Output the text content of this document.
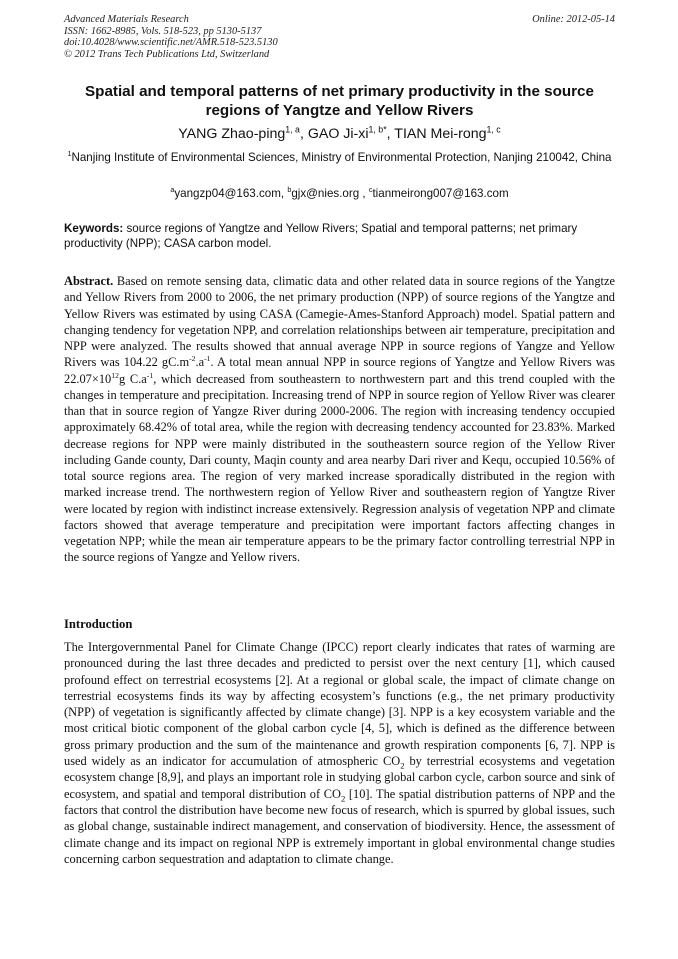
Advanced Materials Research
ISSN: 1662-8985, Vols. 518-523, pp 5130-5137
doi:10.4028/www.scientific.net/AMR.518-523.5130
© 2012 Trans Tech Publications Ltd, Switzerland
Online: 2012-05-14
Spatial and temporal patterns of net primary productivity in the source regions of Yangtze and Yellow Rivers
YANG Zhao-ping$^{1, a}$, GAO $Ji-xi^{1, b*}$, TIAN Mei-rong$^{1, c}$
$^1$Nanjing Institute of Environmental Sciences, Ministry of Environmental Protection, Nanjing 210042, China
$^a$yangzp04@163.com, $^b$gjx@nies.org , $^c$tianmeirong007@163.com
Keywords: source regions of Yangtze and Yellow Rivers; Spatial and temporal patterns; net primary productivity (NPP); CASA carbon model.
Abstract. Based on remote sensing data, climatic data and other related data in source regions of the Yangtze and Yellow Rivers from 2000 to 2006, the net primary production (NPP) of source regions of the Yangtze and Yellow Rivers was estimated by using CASA (Camegie-Ames-Stanford Approach) model. Spatial pattern and changing tendency for vegetation NPP, and correlation relationships between air temperature, precipitation and NPP were analyzed. The results showed that annual average NPP in source regions of Yangze and Yellow Rivers was 104.22 $gC.m^{-2}.a^{-1}$. A total mean annual NPP in source regions of Yangtze and Yellow Rivers was $22.07\times 10^{12}g$ $C.a^{-1}$, which decreased from southeastern to northwestern part and this trend coupled with the changes in temperature and precipitation. Increasing trend of NPP in source region of Yellow River was clearer than that in source region of Yangze River during 2000-2006. The region with increasing tendency occupied approximately 68.42% of total area, while the region with decreasing tendency accounted for 23.83%. Marked decrease regions for NPP were mainly distributed in the southeastern source region of the Yellow River including Gande county, Dari county, Maqin county and area nearby Dari river and Kequ, occupied 10.56% of total source regions area. The region of very marked increase sporadically distributed in the region with marked increase trend. The northwestern region of Yellow River and southeastern region of Yangtze River were located by region with indistinct increase extensively. Regression analysis of vegetation NPP and climate factors showed that average temperature and precipitation were important factors affecting changes in vegetation NPP; while the mean air temperature appears to be the primary factor controlling terrestrial NPP in the source regions of Yangze and Yellow rivers.
Introduction
The Intergovernmental Panel for Climate Change (IPCC) report clearly indicates that rates of warming are pronounced during the last three decades and predicted to persist over the next century [1], which caused profound effect on terrestrial ecosystems [2]. At a regional or global scale, the impact of climate change on terrestrial ecosystems finds its way by affecting ecosystem’s functions (e.g., the net primary productivity (NPP) of vegetation is significantly affected by climate change) [3]. NPP is a key ecosystem variable and the most critical biotic component of the global carbon cycle [4, 5], which is defined as the difference between gross primary production and the sum of the maintenance and growth respiration components [6, 7]. NPP is used widely as an indicator for accumulation of atmospheric $CO_2$ by terrestrial ecosystems and vegetation ecosystem change [8,9], and plays an important role in studying global carbon cycle, carbon source and sink of ecosystem, and spatial and temporal distribution of $CO_2$ [10]. The spatial distribution patterns of NPP and the factors that control the distribution have become new focus of research, which is spurred by global issues, such as global change, sustainable indirect management, and conservation of biodiversity. Hence, the assessment of climate change and its impact on regional NPP is extremely important in global environmental change studies concerning carbon sequestration and adaptation to climate change.
